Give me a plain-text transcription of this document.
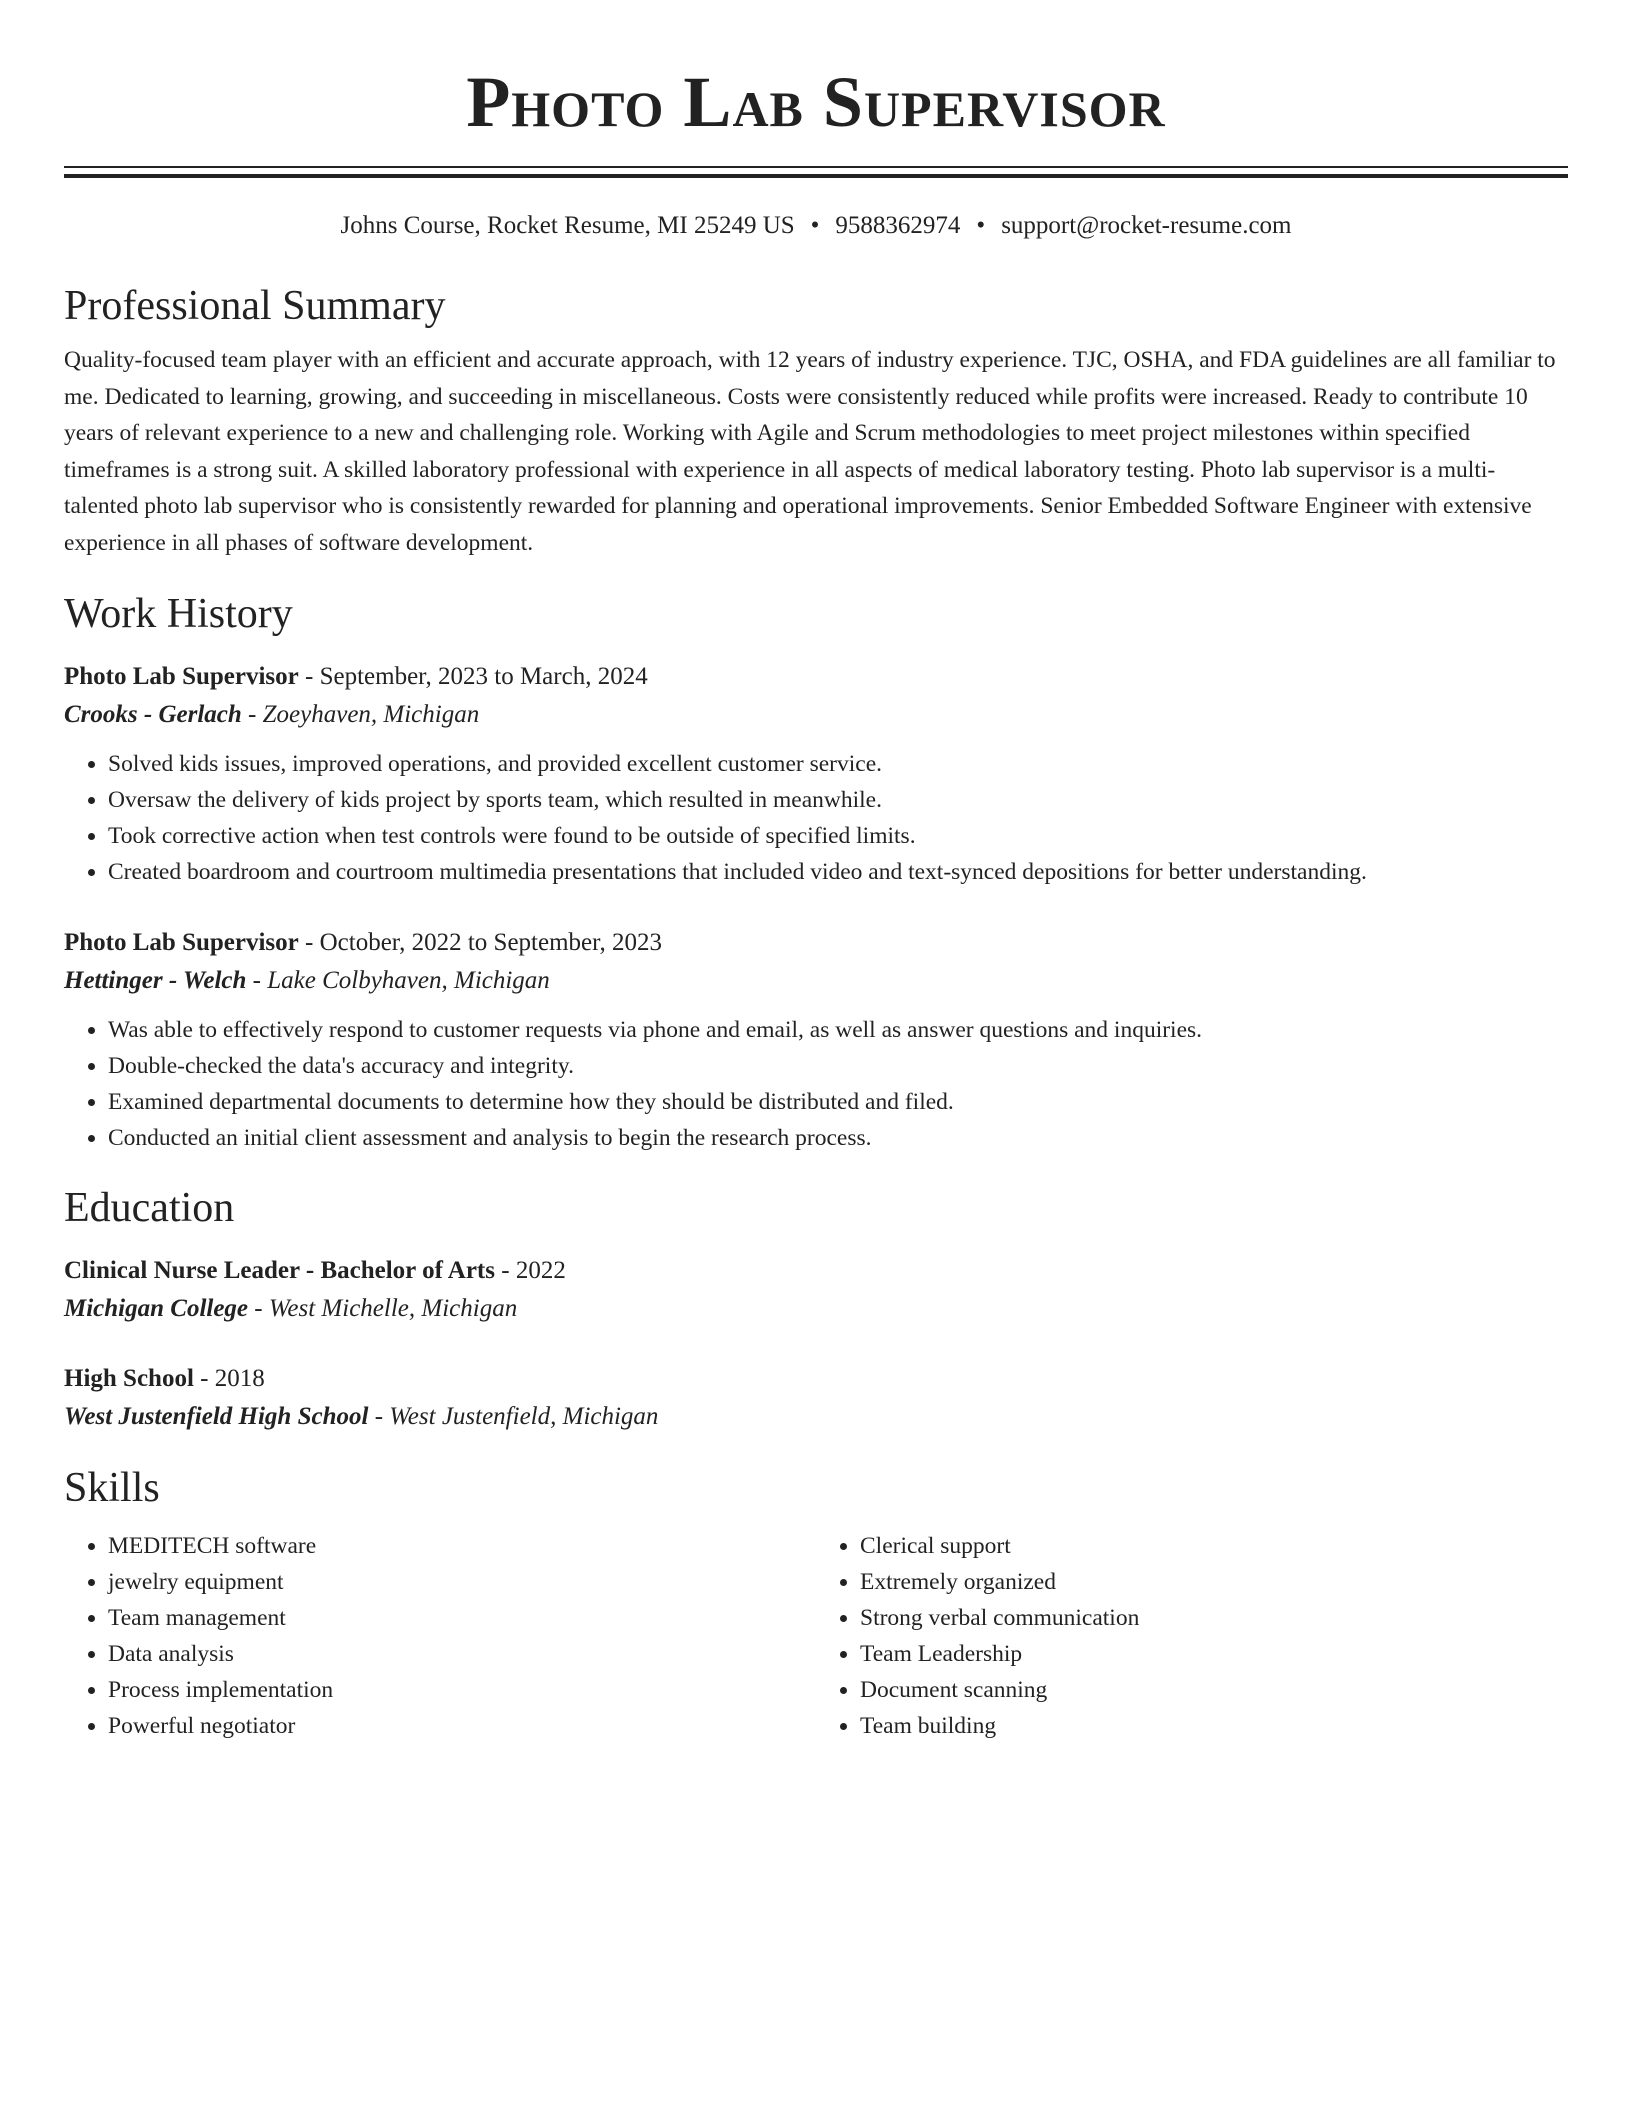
Photo Lab Supervisor
Johns Course, Rocket Resume, MI 25249 US • 9588362974 • support@rocket-resume.com
Professional Summary

Quality-focused team player with an efficient and accurate approach, with 12 years of industry experience. TJC, OSHA, and FDA guidelines are all familiar to me. Dedicated to learning, growing, and succeeding in miscellaneous. Costs were consistently reduced while profits were increased. Ready to contribute 10 years of relevant experience to a new and challenging role. Working with Agile and Scrum methodologies to meet project milestones within specified timeframes is a strong suit. A skilled laboratory professional with experience in all aspects of medical laboratory testing. Photo lab supervisor is a multi-talented photo lab supervisor who is consistently rewarded for planning and operational improvements. Senior Embedded Software Engineer with extensive experience in all phases of software development.

Work History
Photo Lab Supervisor - September, 2023 to March, 2024
Crooks - Gerlach - Zoeyhaven, Michigan
• Solved kids issues, improved operations, and provided excellent customer service.
• Oversaw the delivery of kids project by sports team, which resulted in meanwhile.
• Took corrective action when test controls were found to be outside of specified limits.
• Created boardroom and courtroom multimedia presentations that included video and text-synced depositions for better understanding.
Photo Lab Supervisor - October, 2022 to September, 2023
Hettinger - Welch - Lake Colbyhaven, Michigan
• Was able to effectively respond to customer requests via phone and email, as well as answer questions and inquiries.
• Double-checked the data's accuracy and integrity.
• Examined departmental documents to determine how they should be distributed and filed.
• Conducted an initial client assessment and analysis to begin the research process.
Education
Clinical Nurse Leader - Bachelor of Arts - 2022
Michigan College - West Michelle, Michigan
High School - 2018
West Justenfield High School - West Justenfield, Michigan
Skills
• MEDITECH software
• jewelry equipment
• Team management
• Data analysis
• Process implementation
• Powerful negotiator
• Clerical support
• Extremely organized
• Strong verbal communication
• Team Leadership
• Document scanning
• Team building
